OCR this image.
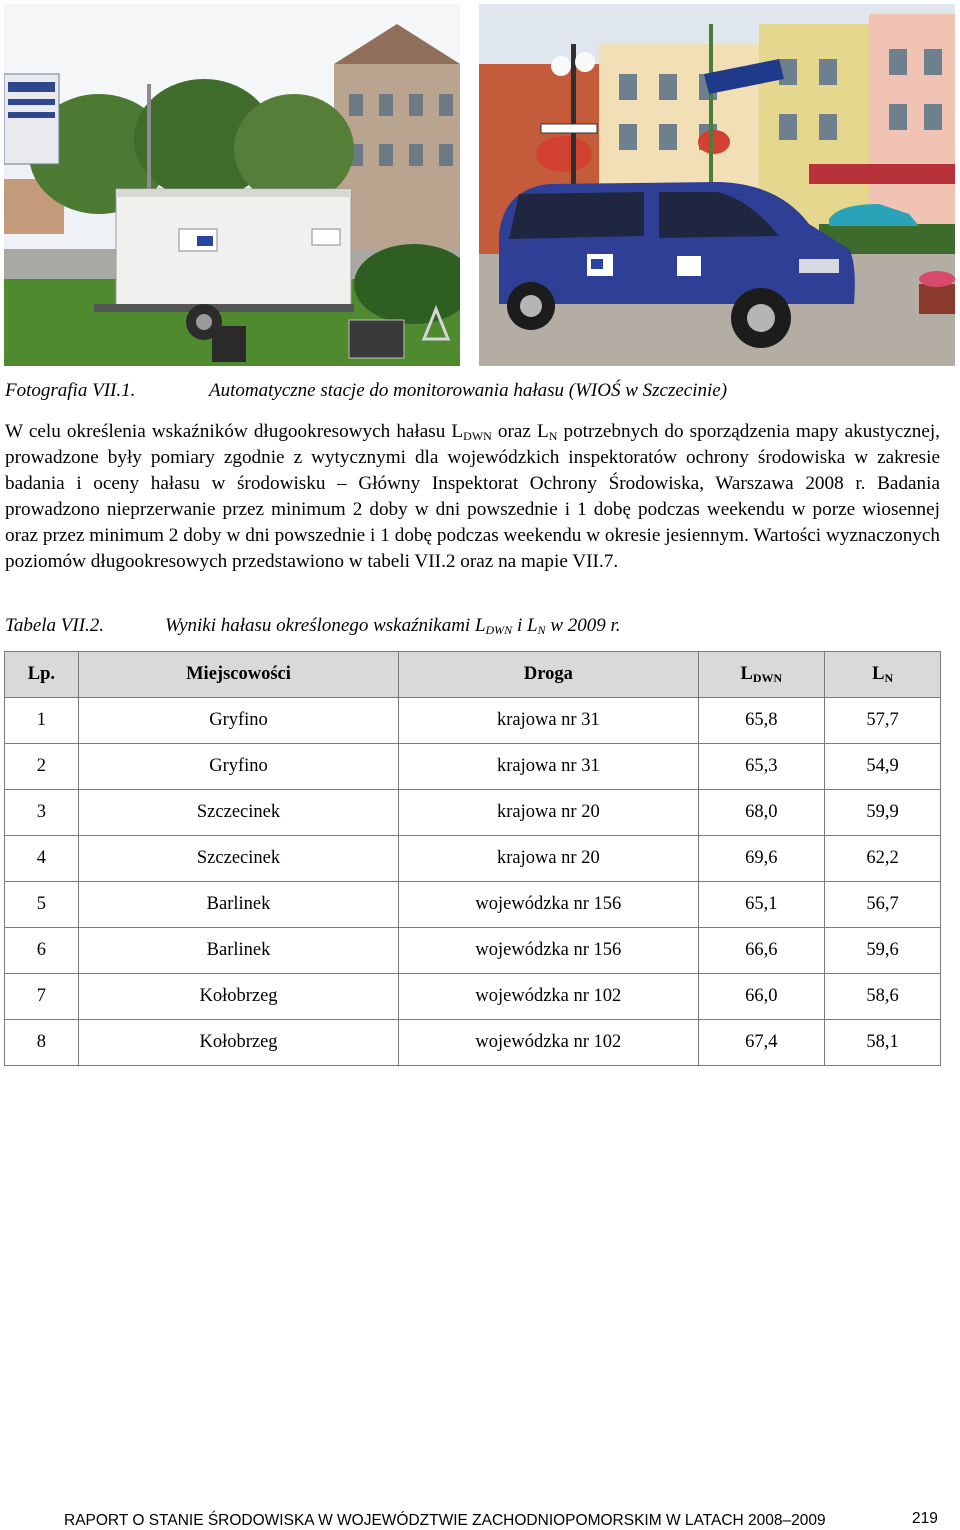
Fotografia VII.1.	Automatyczne stacje do monitorowania hałasu (WIOŚ w Szczecinie)
W celu określenia wskaźników długookresowych hałasu $L_{DWN}$ oraz $L_N$ potrzebnych do sporządzenia mapy akustycznej, prowadzone były pomiary zgodnie z wytycznymi dla wojewódzkich inspektoratów ochrony środowiska w zakresie badania i oceny hałasu w środowisku – Główny Inspektorat Ochrony Środowiska, Warszawa 2008 r. Badania prowadzono nieprzerwanie przez minimum 2 doby w dni powszednie i 1 dobę podczas weekendu w porze wiosennej oraz przez minimum 2 doby w dni powszednie i 1 dobę podczas weekendu w okresie jesiennym. Wartości wyznaczonych poziomów długookresowych przedstawiono w tabeli VII.2 oraz na mapie VII.7.
Tabela VII.2.	Wyniki hałasu określonego wskaźnikami $L_{DWN}$ i $L_N$ w 2009 r.
Lp.	Miejscowości	Droga	$L_{DWN}$	$L_N$
1	Gryfino	krajowa nr 31	65,8	57,7
2	Gryfino	krajowa nr 31	65,3	54,9
3	Szczecinek	krajowa nr 20	68,0	59,9
4	Szczecinek	krajowa nr 20	69,6	62,2
5	Barlinek	wojewódzka nr 156	65,1	56,7
6	Barlinek	wojewódzka nr 156	66,6	59,6
7	Kołobrzeg	wojewódzka nr 102	66,0	58,6
8	Kołobrzeg	wojewódzka nr 102	67,4	58,1
RAPORT O STANIE ŚRODOWISKA W WOJEWÓDZTWIE ZACHODNIOPOMORSKIM W LATACH 2008–2009	219
